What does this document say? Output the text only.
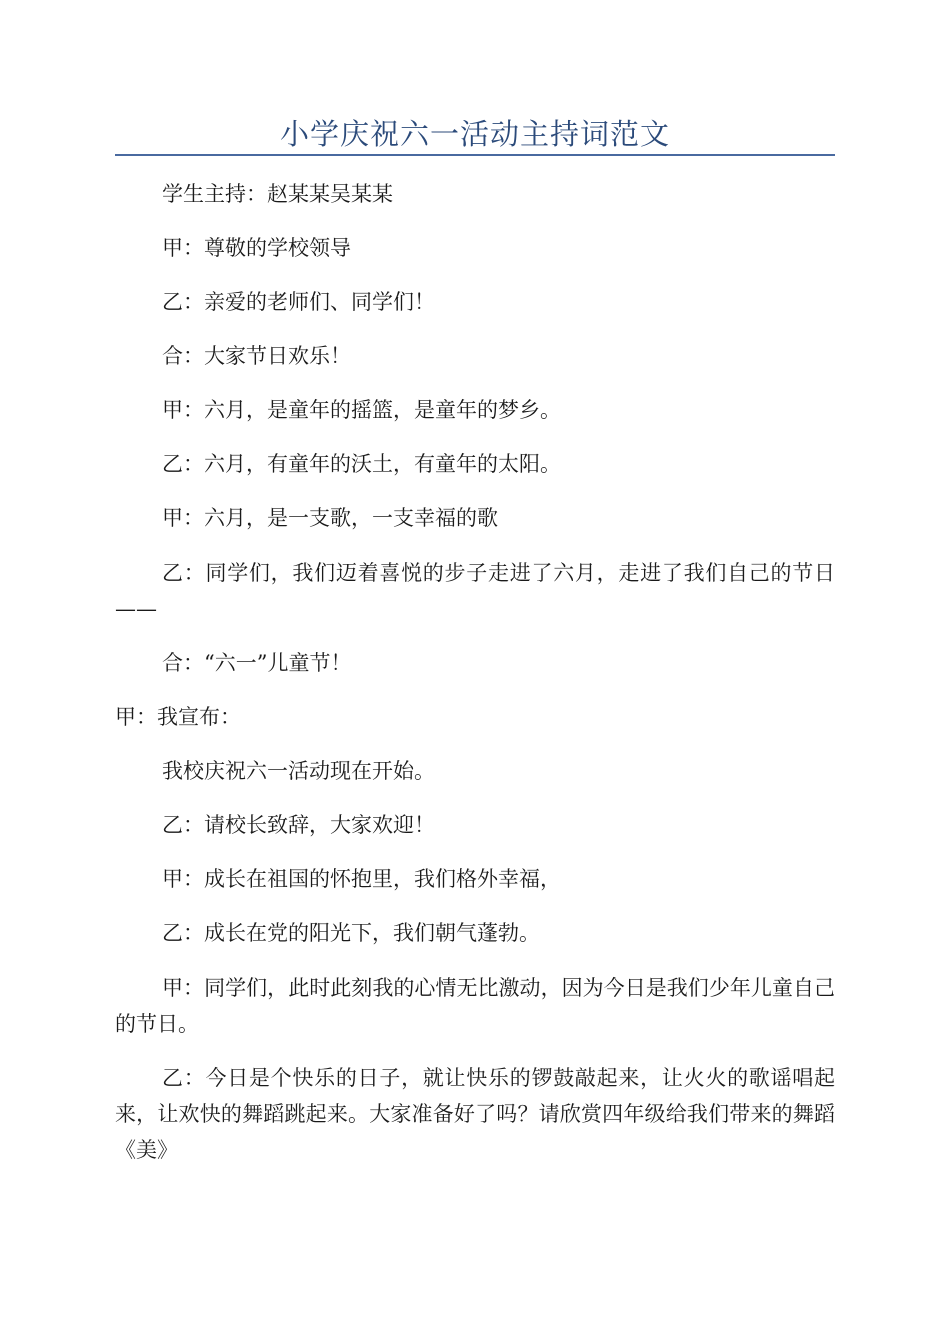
小学庆祝六一活动主持词范文
学生主持：赵某某吴某某
甲：尊敬的学校领导
乙：亲爱的老师们、同学们！
合：大家节日欢乐！
甲：六月，是童年的摇篮，是童年的梦乡。
乙：六月，有童年的沃土，有童年的太阳。
甲：六月，是一支歌，一支幸福的歌
乙：同学们，我们迈着喜悦的步子走进了六月，走进了我们自己的节日——
合：“六一”儿童节！
甲：我宣布：
我校庆祝六一活动现在开始。
乙：请校长致辞，大家欢迎！
甲：成长在祖国的怀抱里，我们格外幸福，
乙：成长在党的阳光下，我们朝气蓬勃。
甲：同学们，此时此刻我的心情无比激动，因为今日是我们少年儿童自己的节日。
乙：今日是个快乐的日子，就让快乐的锣鼓敲起来，让火火的歌谣唱起来，让欢快的舞蹈跳起来。大家准备好了吗？请欣赏四年级给我们带来的舞蹈《美》
